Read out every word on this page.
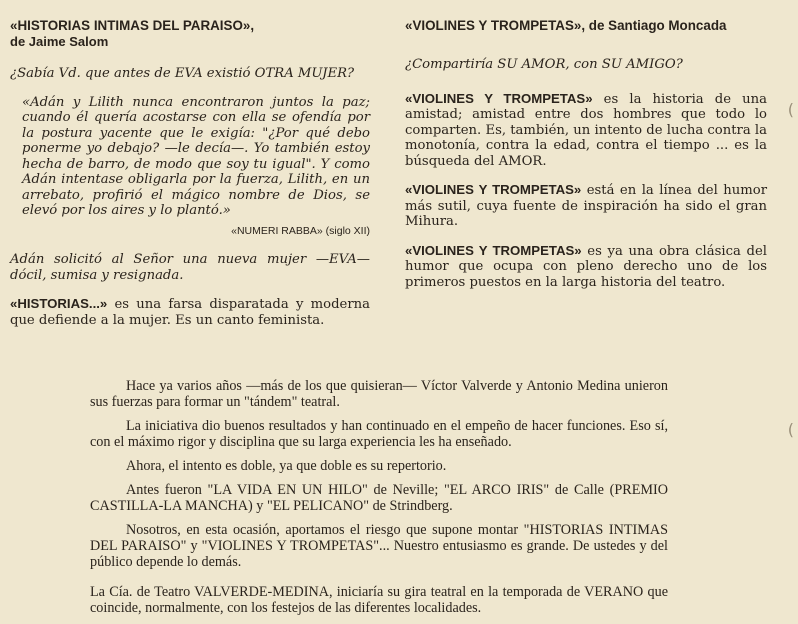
«HISTORIAS INTIMAS DEL PARAISO»,
de Jaime Salom

¿Sabía Vd. que antes de EVA existió OTRA MUJER?

«Adán y Lilith nunca encontraron juntos la paz; cuando él quería acostarse con ella se ofendía por la postura yacente que le exigía: "¿Por qué debo ponerme yo debajo? —le decía—. Yo también estoy hecha de barro, de modo que soy tu igual". Y como Adán intentase obligarla por la fuerza, Lilith, en un arrebato, profirió el mágico nombre de Dios, se elevó por los aires y lo plantó.»

«NUMERI RABBA» (siglo XII)

Adán solicitó al Señor una nueva mujer —EVA— dócil, sumisa y resignada.

«HISTORIAS...» es una farsa disparatada y moderna que defiende a la mujer. Es un canto feminista.

«VIOLINES Y TROMPETAS», de Santiago Moncada

¿Compartiría SU AMOR, con SU AMIGO?

«VIOLINES Y TROMPETAS» es la historia de una amistad; amistad entre dos hombres que todo lo comparten. Es, también, un intento de lucha contra la monotonía, contra la edad, contra el tiempo ... es la búsqueda del AMOR.

«VIOLINES Y TROMPETAS» está en la línea del humor más sutil, cuya fuente de inspiración ha sido el gran Mihura.

«VIOLINES Y TROMPETAS» es ya una obra clásica del humor que ocupa con pleno derecho uno de los primeros puestos en la larga historia del teatro.

Hace ya varios años —más de los que quisieran— Víctor Valverde y Antonio Medina unieron sus fuerzas para formar un "tándem" teatral.

La iniciativa dio buenos resultados y han continuado en el empeño de hacer funciones. Eso sí, con el máximo rigor y disciplina que su larga experiencia les ha enseñado.

Ahora, el intento es doble, ya que doble es su repertorio.

Antes fueron "LA VIDA EN UN HILO" de Neville; "EL ARCO IRIS" de Calle (PREMIO CASTILLA-LA MANCHA) y "EL PELICANO" de Strindberg.

Nosotros, en esta ocasión, aportamos el riesgo que supone montar "HISTORIAS INTIMAS DEL PARAISO" y "VIOLINES Y TROMPETAS"... Nuestro entusiasmo es grande. De ustedes y del público depende lo demás.

La Cía. de Teatro VALVERDE-MEDINA, iniciaría su gira teatral en la temporada de VERANO que coincide, normalmente, con los festejos de las diferentes localidades.

(
(
